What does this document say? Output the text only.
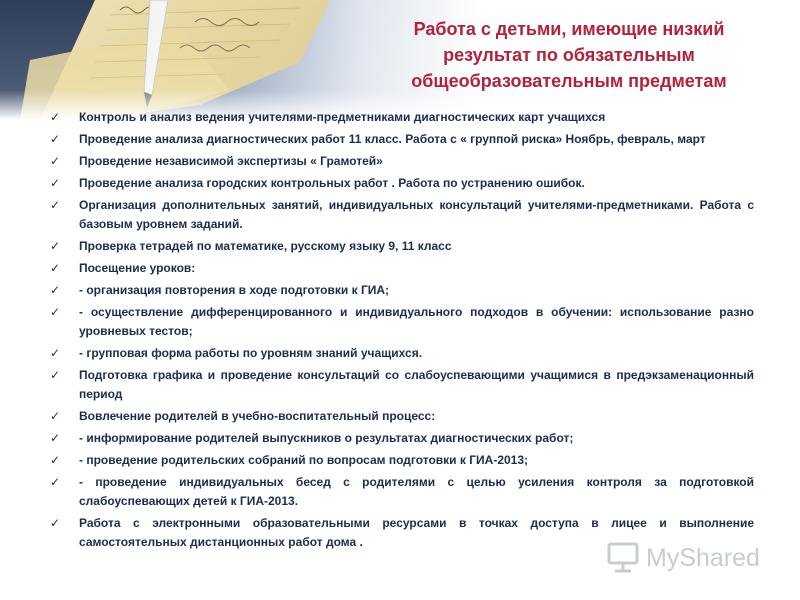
Работа с детьми, имеющие низкий
результат по обязательным
общеобразовательным предметам
✓ Контроль и анализ ведения учителями-предметниками диагностических карт учащихся
✓ Проведение анализа диагностических работ 11 класс. Работа с « группой риска» Ноябрь, февраль, март
✓ Проведение независимой экспертизы « Грамотей»
✓ Проведение анализа городских контрольных работ . Работа по устранению ошибок.
✓ Организация дополнительных занятий, индивидуальных консультаций учителями-предметниками. Работа с базовым уровнем заданий.
✓ Проверка тетрадей по математике, русскому языку 9, 11 класс
✓ Посещение уроков:
✓ - организация повторения в ходе подготовки к ГИА;
✓ - осуществление дифференцированного и индивидуального подходов в обучении: использование разно уровневых тестов;
✓ - групповая форма работы по уровням знаний учащихся.
✓ Подготовка графика и проведение консультаций со слабоуспевающими учащимися в предэкзаменационный период
✓ Вовлечение родителей в учебно-воспитательный процесс:
✓ - информирование родителей выпускников о результатах диагностических работ;
✓ - проведение родительских собраний по вопросам подготовки к ГИА-2013;
✓ - проведение индивидуальных бесед с родителями с целью усиления контроля за подготовкой слабоуспевающих детей к ГИА-2013.
✓ Работа с электронными образовательными ресурсами в точках доступа в лицее и выполнение самостоятельных дистанционных работ дома .
MyShared
